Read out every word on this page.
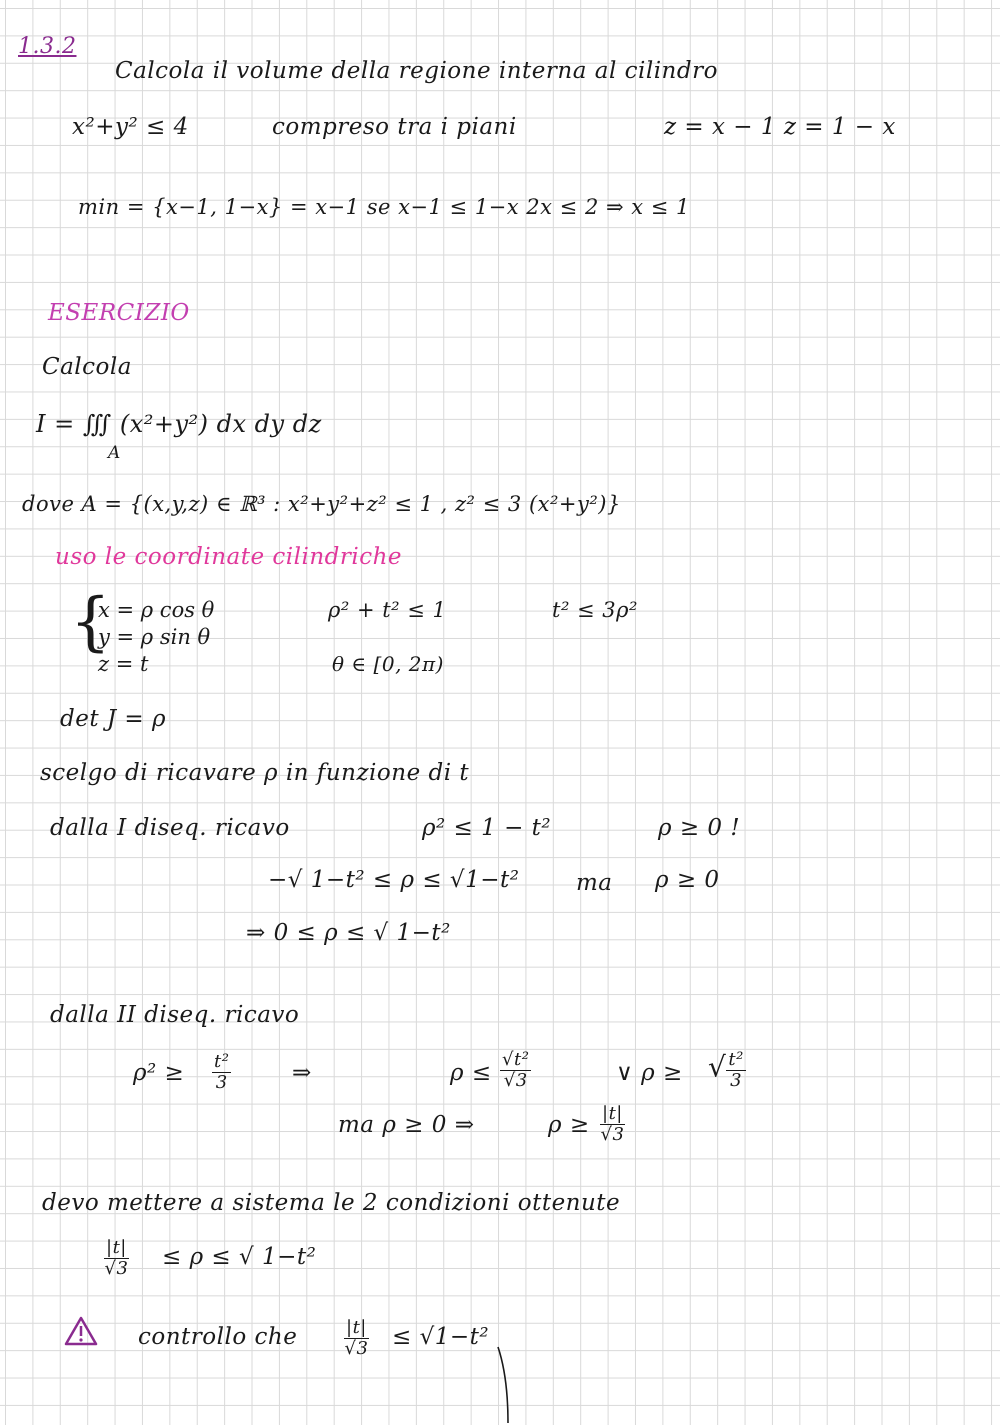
1.3.2
Calcola il volume della regione interna al cilindro
x²+y² ≤ 4	compreso tra i piani	z = x − 1 z = 1 − x
min = {x−1, 1−x} = x−1 se x−1 ≤ 1−x 2x ≤ 2 ⇒ x ≤ 1
ESERCIZIO
Calcola
I = ∭ (x²+y²) dx dy dz
A
dove A = {(x,y,z) ∈ ℝ³ : x²+y²+z² ≤ 1 , z² ≤ 3 (x²+y²)}
uso le coordinate cilindriche
{
x = ρ cos θ
y = ρ sin θ
z = t
ρ² + t² ≤ 1	t² ≤ 3ρ²
θ ∈ [0, 2π)
det J = ρ
scelgo di ricavare ρ in funzione di t
dalla I diseq. ricavo	ρ² ≤ 1 − t²	ρ ≥ 0 !
−√ 1−t² ≤ ρ ≤ √1−t² ma ρ ≥ 0
⇒ 0 ≤ ρ ≤ √ 1−t²
dalla II diseq. ricavo
$\rho^2 \ge \frac{\text{t²}}{3}$	⇒	$\rho \le \frac{\text{√t²}}{√3}$	∨ ρ ≥ √ $\frac{\text{t²}}{3}$
ma ρ ≥ 0 ⇒	$\rho \ge \frac{|t|}{√3}$
devo mettere a sistema le 2 condizioni ottenute
$\frac{|t|}{√3} \le \rho$ ≤ √ 1−t²
controllo che	$\frac{|t|}{√3} \le √1-t^2$
